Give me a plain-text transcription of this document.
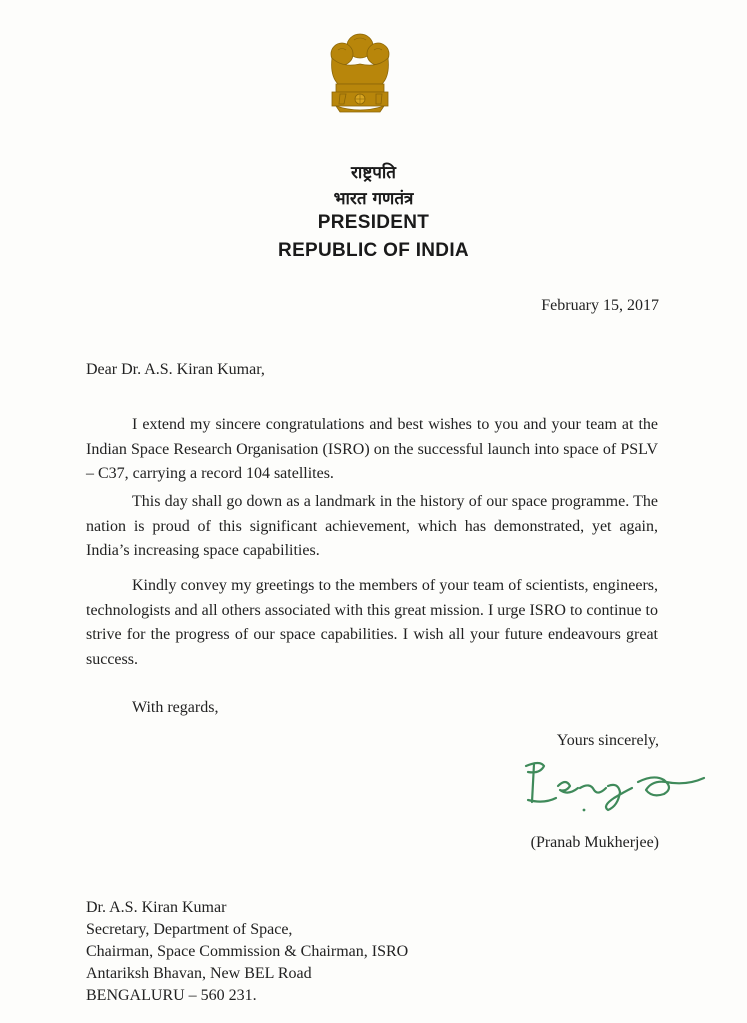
राष्ट्रपति
भारत गणतंत्र
PRESIDENT
REPUBLIC OF INDIA
February 15, 2017
Dear Dr. A.S. Kiran Kumar,

I extend my sincere congratulations and best wishes to you and your team at the Indian Space Research Organisation (ISRO) on the successful launch into space of PSLV – C37, carrying a record 104 satellites.

This day shall go down as a landmark in the history of our space programme. The nation is proud of this significant achievement, which has demonstrated, yet again, India’s increasing space capabilities.

Kindly convey my greetings to the members of your team of scientists, engineers, technologists and all others associated with this great mission. I urge ISRO to continue to strive for the progress of our space capabilities. I wish all your future endeavours great success.

With regards,
Yours sincerely,
(Pranab Mukherjee)
Dr. A.S. Kiran Kumar
Secretary, Department of Space,
Chairman, Space Commission & Chairman, ISRO
Antariksh Bhavan, New BEL Road
BENGALURU – 560 231.
